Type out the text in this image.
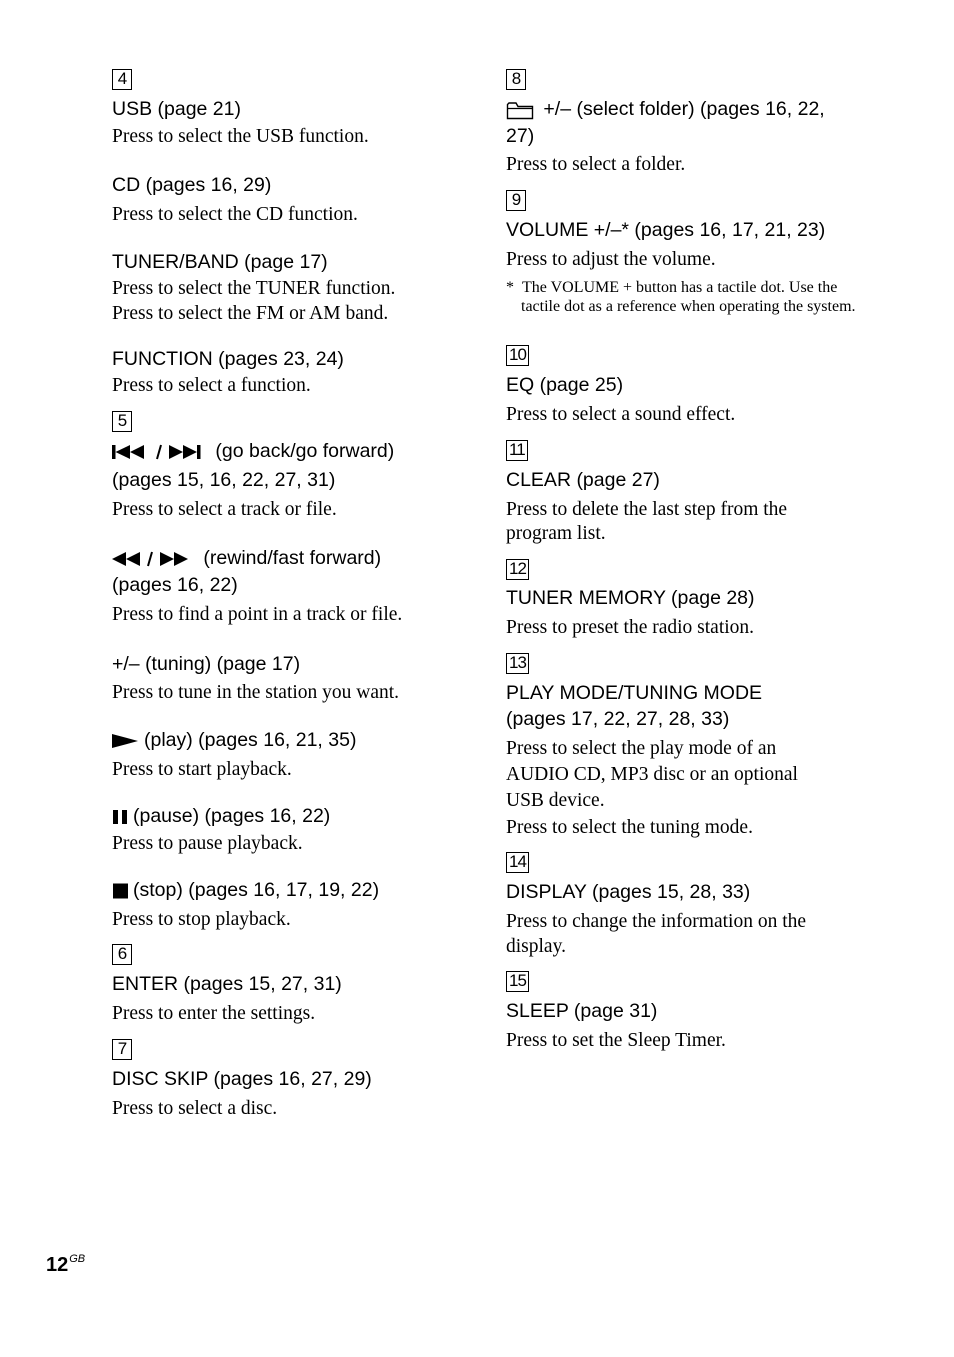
4
USB (page 21)
Press to select the USB function.
CD (pages 16, 29)
Press to select the CD function.
TUNER/BAND (page 17)
Press to select the TUNER function.
Press to select the FM or AM band.
FUNCTION (pages 23, 24)
Press to select a function.
5
(go back/go forward)
(pages 15, 16, 22, 27, 31)
Press to select a track or file.
(rewind/fast forward)
(pages 16, 22)
Press to find a point in a track or file.
+/– (tuning) (page 17)
Press to tune in the station you want.
(play) (pages 16, 21, 35)
Press to start playback.
(pause) (pages 16, 22)
Press to pause playback.
(stop) (pages 16, 17, 19, 22)
Press to stop playback.
6
ENTER (pages 15, 27, 31)
Press to enter the settings.
7
DISC SKIP (pages 16, 27, 29)
Press to select a disc.
8
+/– (select folder) (pages 16, 22,
27)
Press to select a folder.
9
VOLUME +/–* (pages 16, 17, 21, 23)
Press to adjust the volume.
*  The VOLUME + button has a tactile dot. Use the tactile dot as a reference when operating the system.
10
EQ (page 25)
Press to select a sound effect.
11
CLEAR (page 27)
Press to delete the last step from the
program list.
12
TUNER MEMORY (page 28)
Press to preset the radio station.
13
PLAY MODE/TUNING MODE
(pages 17, 22, 27, 28, 33)
Press to select the play mode of an
AUDIO CD, MP3 disc or an optional
USB device.
Press to select the tuning mode.
14
DISPLAY (pages 15, 28, 33)
Press to change the information on the
display.
15
SLEEP (page 31)
Press to set the Sleep Timer.
$12^{GB}$
